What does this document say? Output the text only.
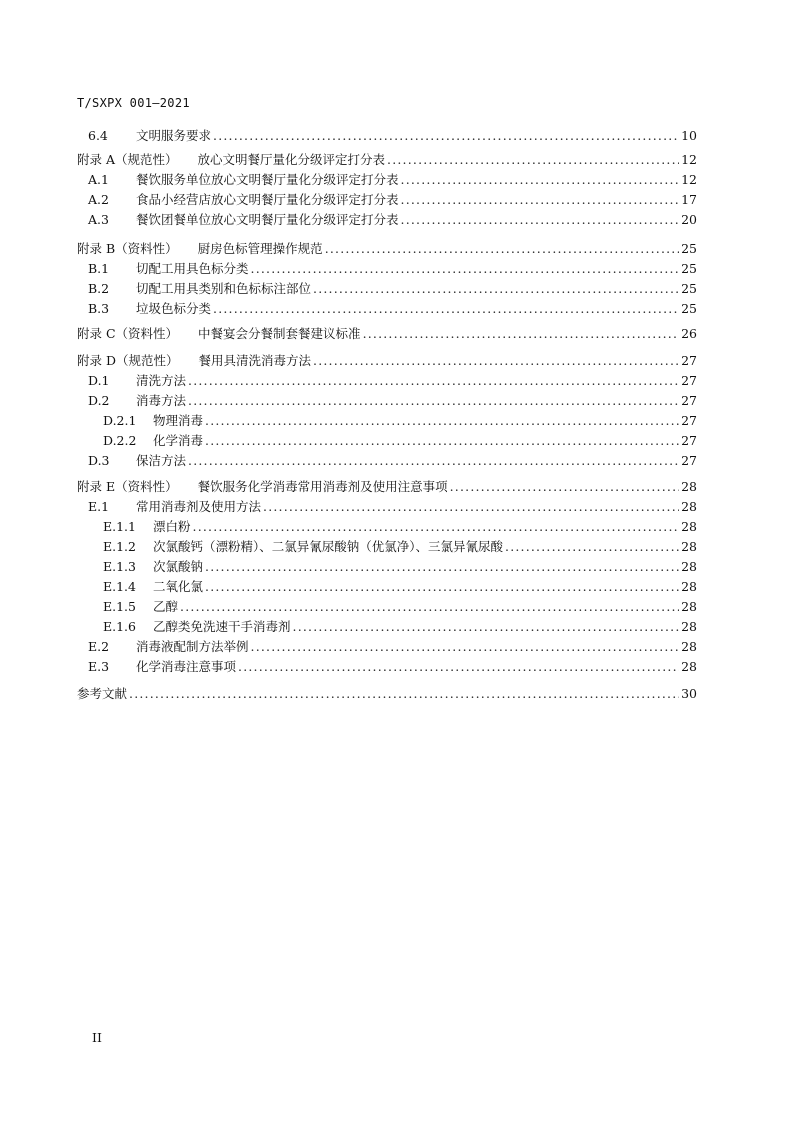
T/SXPX 001—2021
6.4	文明服务要求 .....	10
附录 A（规范性） 放心文明餐厅量化分级评定打分表 .....	12
A.1	餐饮服务单位放心文明餐厅量化分级评定打分表 .....	12
A.2	食品小经营店放心文明餐厅量化分级评定打分表 .....	17
A.3	餐饮团餐单位放心文明餐厅量化分级评定打分表 .....	20
附录 B（资料性） 厨房色标管理操作规范 .....	25
B.1	切配工用具色标分类 .....	25
B.2	切配工用具类别和色标标注部位 .....	25
B.3	垃圾色标分类 .....	25
附录 C（资料性） 中餐宴会分餐制套餐建议标准 .....	26
附录 D（规范性） 餐用具清洗消毒方法 .....	27
D.1	清洗方法 .....	27
D.2	消毒方法 .....	27
D.2.1	物理消毒 .....	27
D.2.2	化学消毒 .....	27
D.3	保洁方法 .....	27
附录 E（资料性） 餐饮服务化学消毒常用消毒剂及使用注意事项 .....	28
E.1	常用消毒剂及使用方法 .....	28
E.1.1	漂白粉 .....	28
E.1.2	次氯酸钙（漂粉精）、二氯异氰尿酸钠（优氯净）、三氯异氰尿酸 .....	28
E.1.3	次氯酸钠 .....	28
E.1.4	二氧化氯 .....	28
E.1.5	乙醇 .....	28
E.1.6	乙醇类免洗速干手消毒剂 .....	28
E.2	消毒液配制方法举例 .....	28
E.3	化学消毒注意事项 .....	28
参考文献 .....	30
II
